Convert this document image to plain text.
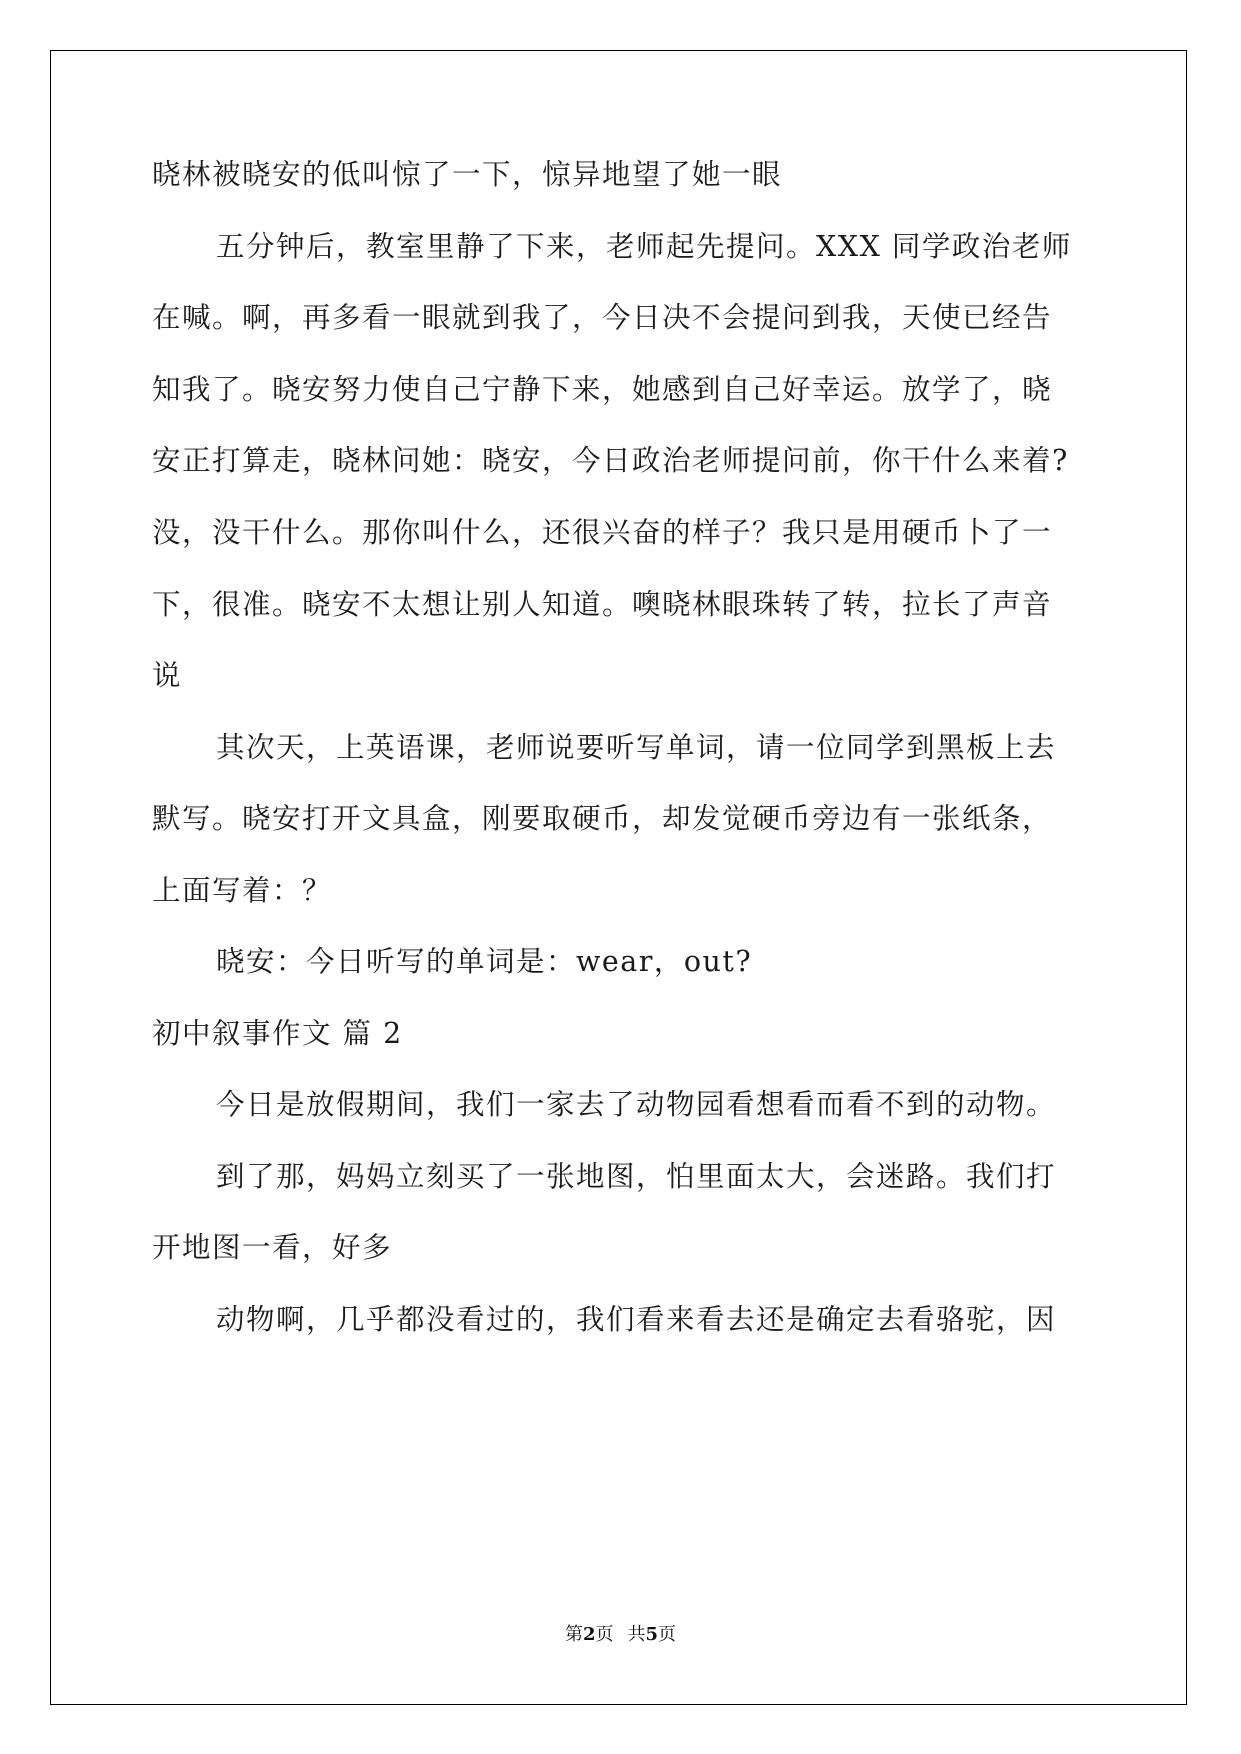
晓林被晓安的低叫惊了一下，惊异地望了她一眼

五分钟后，教室里静了下来，老师起先提问。XXX 同学政治老师

在喊。啊，再多看一眼就到我了，今日决不会提问到我，天使已经告

知我了。晓安努力使自己宁静下来，她感到自己好幸运。放学了，晓

安正打算走，晓林问她：晓安，今日政治老师提问前，你干什么来着?

没，没干什么。那你叫什么，还很兴奋的样子？我只是用硬币卜了一

下，很准。晓安不太想让别人知道。噢晓林眼珠转了转，拉长了声音

说

其次天，上英语课，老师说要听写单词，请一位同学到黑板上去

默写。晓安打开文具盒，刚要取硬币，却发觉硬币旁边有一张纸条，

上面写着：？

晓安：今日听写的单词是：wear，out?

初中叙事作文 篇 2

今日是放假期间，我们一家去了动物园看想看而看不到的动物。

到了那，妈妈立刻买了一张地图，怕里面太大，会迷路。我们打

开地图一看，好多

动物啊，几乎都没看过的，我们看来看去还是确定去看骆驼，因

第2页 共5页
